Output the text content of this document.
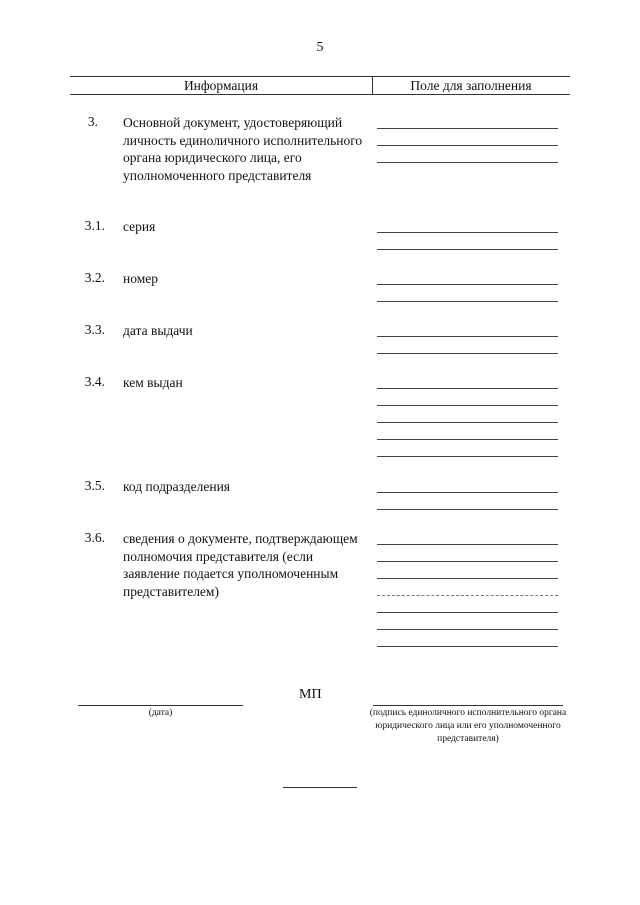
5
Информация	Поле для заполнения
3. Основной документ, удостоверяющий личность единоличного исполнительного органа юридического лица, его уполномоченного представителя
3.1. серия
3.2. номер
3.3. дата выдачи
3.4. кем выдан
3.5. код подразделения
3.6. сведения о документе, подтверждающем полномочия представителя (если заявление подается уполномоченным представителем)
(дата)
МП
(подпись единоличного исполнительного органа юридического лица или его уполномоченного представителя)
